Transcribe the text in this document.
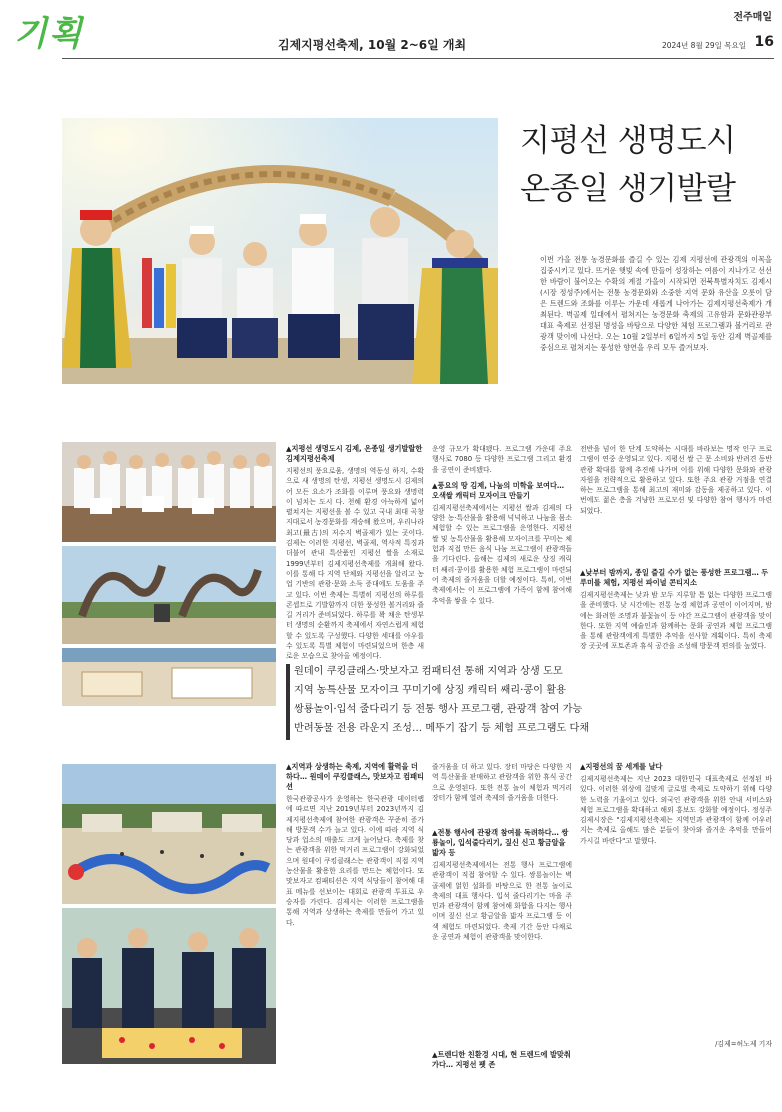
기획	김제지평선축제, 10월 2~6일 개최
전주매일
2024년 8월 29일 목요일 16
지평선 생명도시
온종일 생기발랄
이번 가을 전통 농경문화를 즐길 수 있는 김제 지평선에 관광객의 이목을 집중시키고 있다. 뜨거운 햇빛 속에 만들어 성장하는 여름이 지나가고 선선한 바람이 불어오는 수확의 계절 가을이 시작되면 전북특별자치도 김제시(시장 정성주)에서는 전통 농경문화와 소중한 지역 문화 유산을 오롯이 담은 트렌드와 조화를 이루는 가운데 새롭게 나아가는 김제지평선축제가 개최된다. 벽골제 일대에서 펼쳐지는 농경문화 축제의 고유함과 문화관광부 대표 축제로 선정된 명성을 바탕으로 다양한 체험 프로그램과 볼거리로 관광객 맞이에 나선다. 오는 10월 2일부터 6일까지 5일 동안 김제 벽골제를 중심으로 펼쳐지는 풍성한 향연을 우리 모두 즐겨보자.
원데이 쿠킹클래스·맛보자고 컴패티션 통해 지역과 상생 도모
지역 농특산물 모자이크 꾸미기에 상징 캐릭터 쌔리·콩이 활용
쌍룡놀이·입석 줄다리기 등 전통 행사 프로그램, 관광객 참여 가능
반려동물 전용 라운지 조성… 메뚜기 잡기 등 체험 프로그램도 다채
▲지평선 생명도시 김제, 온종일 생기발랄한 김제지평선축제
지평선의 풍요로움, 생명의 역동성 하지, 수확으로 새 생명의 탄생, 지평선 생명도시 김제의 어 모든 요소가 조화를 이루며 풍요와 생명력이 넘치는 도시 다. 천혜 환경 아늑하게 넓어 펼쳐지는 지평선을 볼 수 있고 국내 최대 곡창지대로서 농경문화를 계승해 왔으며, 우리나라 최고(最古)의 저수지 벽골제가 있는 곳이다. 김제는 이러한 지평선, 벽골제, 역사적 특징과 더불어 관내 특산품인 지평선 쌀을 소재로 1999년부터 김제지평선축제를 개최해 왔다. 이를 통해 다 지역 단체와 지평선을 알리고 농업 기반의 관광·문화 소득 증대에도 도움을 주고 있다. 이번 축제는 특별히 지평선의 하루를 콘셉트로 기발함까지 더한 풍성한 볼거리와 즐길 거리가 준비되었다. 하루를 꽉 채운 탄생부터 생명의 순환까지 축제에서 자연스럽게 체험할 수 있도록 구성했다. 다양한 세대를 아우를 수 있도록 특별 체험이 마련되었으며 한층 새로운 모습으로 찾아올 예정이다.
운영 규모가 확대됐다. 프로그램 가운데 주요 행사로 7080 등 다양한 프로그램 그리고 환경을 공연이 준비됐다.
▲풍요의 땅 김제, 나눔의 미학을 보여다… 오색쌀 캐릭터 모자이크 만들기
김제지평선축제에서는 지평선 쌀과 김제의 다양한 농·특산물을 활용해 넉넉하고 나눔을 몸소 체험할 수 있는 프로그램을 운영한다. 지평선 쌀 및 농특산물을 활용해 모자이크를 꾸미는 체험과 직접 만든 음식 나눔 프로그램이 관광객들을 기다린다. 올해는 김제의 새로운 상징 캐릭터 쌔리·콩이를 활용한 체험 프로그램이 마련되어 축제의 즐거움을 더할 예정이다. 특히, 이번 축제에서는 이 프로그램에 가족이 함께 참여해 추억을 쌓을 수 있다.
전반을 넘어 한 단계 도약하는 시대를 바라보는 명작 인구 프로그램이 연중 운영되고 있다. 지평선 쌀 근 문 소비와 반려견 동반 관광 확대를 함께 추진해 나가며 이를 위해 다양한 문화와 관광 자원을 전략적으로 활용하고 있다. 또한 주요 관광 거점을 연결하는 프로그램을 통해 최고의 재미와 감동을 제공하고 있다. 이번에도 젊은 층을 겨냥한 프로모션 및 다양한 참여 행사가 마련되었다.
▲낮부터 밤까지, 종일 즐길 수가 없는 풍성한 프로그램… 두루미를 체험, 지평선 파이널 콘티지소
김제지평선축제는 낮과 밤 모두 지루할 틈 없는 다양한 프로그램을 준비했다. 낮 시간에는 전통 농경 체험과 공연이 이어지며, 밤에는 화려한 조명과 불꽃놀이 등 야간 프로그램이 관광객을 맞이한다. 또한 지역 예술인과 함께하는 문화 공연과 체험 프로그램을 통해 관람객에게 특별한 추억을 선사할 계획이다. 특히 축제장 곳곳에 포토존과 휴식 공간을 조성해 방문객 편의를 높였다.
▲지역과 상생하는 축제, 지역에 활력을 더하다… 원데이 쿠킹클래스, 맛보자고 컴패티션
한국관광공사가 운영하는 한국관광 데이터랩에 따르면 지난 2019년부터 2023년까지 김제지평선축제에 참여한 관광객은 꾸준히 증가해 방문객 수가 늘고 있다. 이에 따라 지역 식당과 업소의 매출도 크게 늘어났다. 축제를 찾는 관광객을 위한 먹거리 프로그램이 강화되었으며 원데이 쿠킹클래스는 관광객이 직접 지역 농산물을 활용한 요리를 만드는 체험이다. 또 맛보자고 컴패티션은 지역 식당들이 참여해 대표 메뉴를 선보이는 대회로 관광객 투표로 우승자를 가린다. 김제시는 이러한 프로그램을 통해 지역과 상생하는 축제를 만들어 가고 있다.
즐거움을 더 하고 있다. 장터 마당은 다양한 지역 특산물을 판매하고 관람객을 위한 휴식 공간으로 운영된다. 또한 전통 놀이 체험과 먹거리 장터가 함께 열려 축제의 즐거움을 더한다.
▲전통 행사에 관광객 참여를 독려하다… 쌍룡놀이, 입석줄다리기, 짚신 신고 황금알을 밟자 등
김제지평선축제에서는 전통 행사 프로그램에 관광객이 직접 참여할 수 있다. 쌍룡놀이는 벽골제에 얽힌 설화를 바탕으로 한 전통 놀이로 축제의 대표 행사다. 입석 줄다리기는 마을 주민과 관광객이 함께 참여해 화합을 다지는 행사이며 짚신 신고 황금알을 밟자 프로그램 등 이색 체험도 마련되었다. 축제 기간 동안 다채로운 공연과 체험이 관광객을 맞이한다.
▲트렌디한 친환경 시대, 현 트렌드에 발맞춰 가다… 지평선 펫 존
▲지평선의 꿈 세계를 날다
김제지평선축제는 지난 2023 대한민국 대표축제로 선정된 바 있다. 이러한 위상에 걸맞게 글로벌 축제로 도약하기 위해 다양한 노력을 기울이고 있다. 외국인 관광객을 위한 안내 서비스와 체험 프로그램을 확대하고 해외 홍보도 강화할 예정이다. 정성주 김제시장은 "김제지평선축제는 지역민과 관광객이 함께 어우러지는 축제로 올해도 많은 분들이 찾아와 즐거운 추억을 만들어 가시길 바란다"고 말했다.
/김제=허노제 기자
